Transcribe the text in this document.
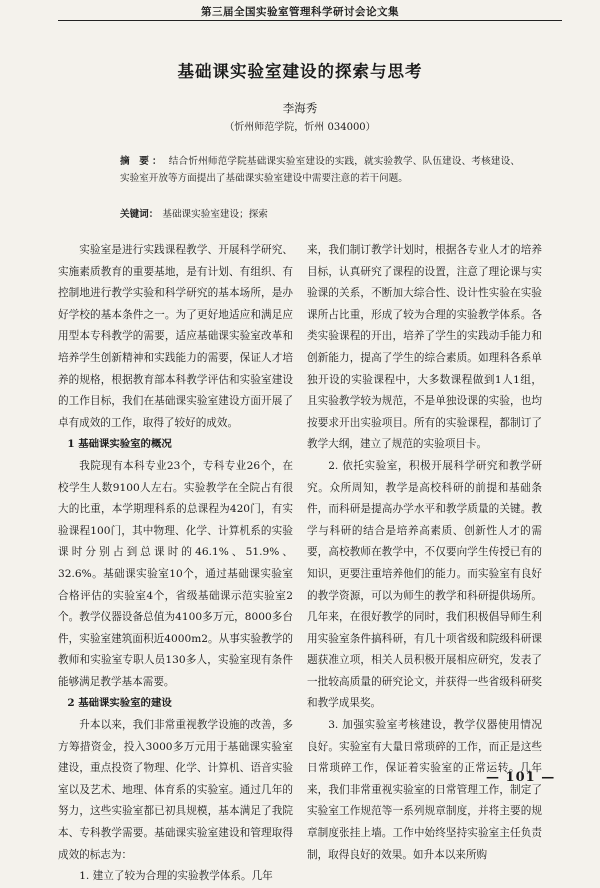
第三届全国实验室管理科学研讨会论文集
基础课实验室建设的探索与思考
李海秀
（忻州师范学院，忻州 034000）
摘 要： 结合忻州师范学院基础课实验室建设的实践，就实验教学、队伍建设、考核建设、实验室开放等方面提出了基础课实验室建设中需要注意的若干问题。
关键词： 基础课实验室建设；探索

实验室是进行实践课程教学、开展科学研究、实施素质教育的重要基地，是有计划、有组织、有控制地进行教学实验和科学研究的基本场所，是办好学校的基本条件之一。为了更好地适应和满足应用型本专科教学的需要，适应基础课实验室改革和培养学生创新精神和实践能力的需要，保证人才培养的规格，根据教育部本科教学评估和实验室建设的工作目标，我们在基础课实验室建设方面开展了卓有成效的工作，取得了较好的成效。

1 基础课实验室的概况

我院现有本科专业23个，专科专业26个，在校学生人数9100人左右。实验教学在全院占有很大的比重，本学期理科系的总课程为420门，有实验课程100门，其中物理、化学、计算机系的实验课时分别占到总课时的46.1%、51.9%、32.6%。基础课实验室10个，通过基础课实验室合格评估的实验室4个，省级基础课示范实验室2个。教学仪器设备总值为4100多万元，8000多台件，实验室建筑面积近4000m2。从事实验教学的教师和实验室专职人员130多人，实验室现有条件能够满足教学基本需要。

2 基础课实验室的建设

升本以来，我们非常重视教学设施的改善，多方筹措资金，投入3000多万元用于基础课实验室建设，重点投资了物理、化学、计算机、语音实验室以及艺术、地理、体育系的实验室。通过几年的努力，这些实验室都已初具规模，基本满足了我院本、专科教学需要。基础课实验室建设和管理取得成效的标志为：

1. 建立了较为合理的实验教学体系。几年

来，我们制订教学计划时，根据各专业人才的培养目标，认真研究了课程的设置，注意了理论课与实验课的关系，不断加大综合性、设计性实验在实验课所占比重，形成了较为合理的实验教学体系。各类实验课程的开出，培养了学生的实践动手能力和创新能力，提高了学生的综合素质。如理科各系单独开设的实验课程中，大多数课程做到1人1组，且实验教学较为规范，不是单独设课的实验，也均按要求开出实验项目。所有的实验课程，都制订了教学大纲，建立了规范的实验项目卡。

2. 依托实验室，积极开展科学研究和教学研究。众所周知，教学是高校科研的前提和基础条件，而科研是提高办学水平和教学质量的关键。教学与科研的结合是培养高素质、创新性人才的需要，高校教师在教学中，不仅要向学生传授已有的知识，更要注重培养他们的能力。而实验室有良好的教学资源，可以为师生的教学和科研提供场所。几年来，在很好教学的同时，我们积极倡导师生利用实验室条件搞科研，有几十项省级和院级科研课题获准立项，相关人员积极开展相应研究，发表了一批较高质量的研究论文，并获得一些省级科研奖和教学成果奖。

3. 加强实验室考核建设，教学仪器使用情况良好。实验室有大量日常琐碎的工作，而正是这些日常琐碎工作，保证着实验室的正常运转。几年来，我们非常重视实验室的日常管理工作，制定了实验室工作规范等一系列规章制度，并将主要的规章制度张挂上墙。工作中始终坚持实验室主任负责制，取得良好的效果。如升本以来所购

— 101 —
